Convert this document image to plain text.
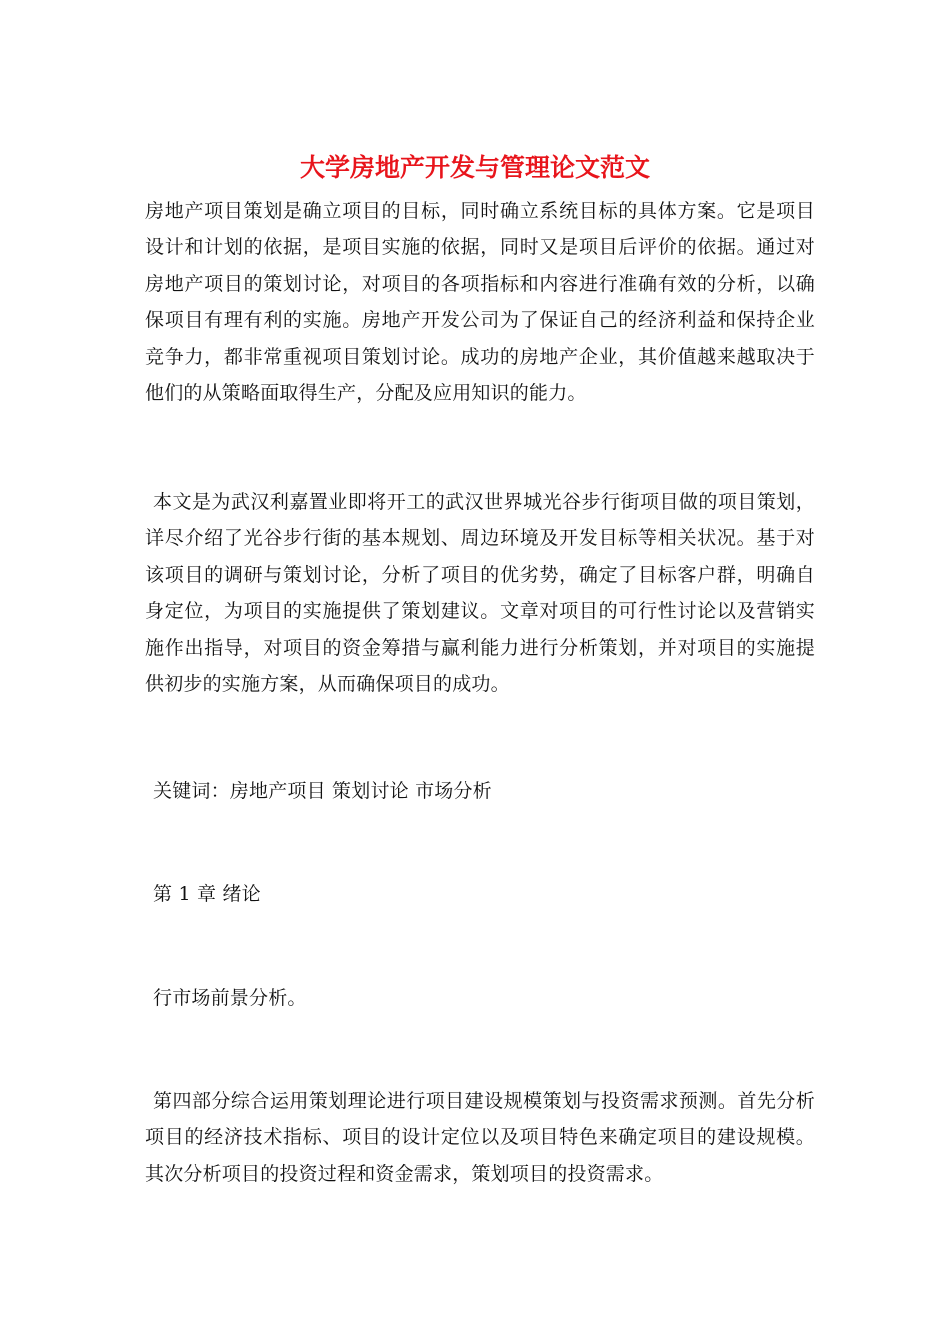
大学房地产开发与管理论文范文

房地产项目策划是确立项目的目标，同时确立系统目标的具体方案。它是项目设计和计划的依据，是项目实施的依据，同时又是项目后评价的依据。通过对房地产项目的策划讨论，对项目的各项指标和内容进行准确有效的分析，以确保项目有理有利的实施。房地产开发公司为了保证自己的经济利益和保持企业竞争力，都非常重视项目策划讨论。成功的房地产企业，其价值越来越取决于他们的从策略面取得生产，分配及应用知识的能力。

本文是为武汉利嘉置业即将开工的武汉世界城光谷步行街项目做的项目策划，详尽介绍了光谷步行街的基本规划、周边环境及开发目标等相关状况。基于对该项目的调研与策划讨论，分析了项目的优劣势，确定了目标客户群，明确自身定位，为项目的实施提供了策划建议。文章对项目的可行性讨论以及营销实施作出指导，对项目的资金筹措与赢利能力进行分析策划，并对项目的实施提供初步的实施方案，从而确保项目的成功。

关键词：房地产项目 策划讨论 市场分析

第 1 章 绪论

行市场前景分析。

第四部分综合运用策划理论进行项目建设规模策划与投资需求预测。首先分析项目的经济技术指标、项目的设计定位以及项目特色来确定项目的建设规模。其次分析项目的投资过程和资金需求，策划项目的投资需求。
